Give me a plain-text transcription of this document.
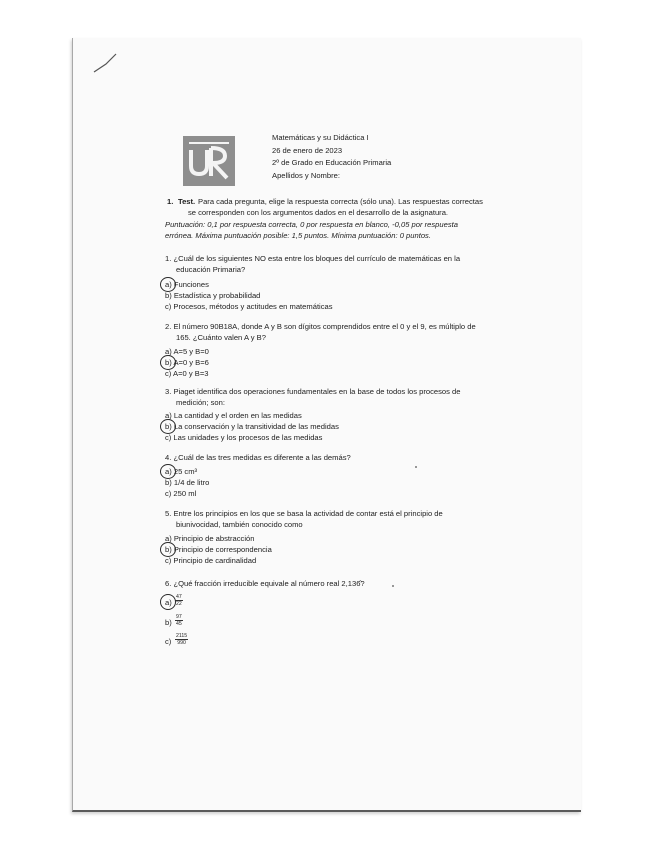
Matemáticas y su Didáctica I
26 de enero de 2023
2º de Grado en Educación Primaria
Apellidos y Nombre:
1. Test. Para cada pregunta, elige la respuesta correcta (sólo una). Las respuestas correctas
se corresponden con los argumentos dados en el desarrollo de la asignatura.
Puntuación: 0,1 por respuesta correcta, 0 por respuesta en blanco, -0,05 por respuesta
errónea. Máxima puntuación posible: 1,5 puntos. Mínima puntuación: 0 puntos.
1. ¿Cuál de los siguientes NO esta entre los bloques del currículo de matemáticas en la
educación Primaria?
a) Funciones
b) Estadística y probabilidad
c) Procesos, métodos y actitudes en matemáticas
2. El número 90B18A, donde A y B son dígitos comprendidos entre el 0 y el 9, es múltiplo de
165. ¿Cuánto valen A y B?
a) A=5 y B=0
b) A=0 y B=6
c) A=0 y B=3
3. Piaget identifica dos operaciones fundamentales en la base de todos los procesos de
medición; son:
a) La cantidad y el orden en las medidas
b) La conservación y la transitividad de las medidas
c) Las unidades y los procesos de las medidas
4. ¿Cuál de las tres medidas es diferente a las demás?
a) 25 cm³
b) 1/4 de litro
c) 250 ml
5. Entre los principios en los que se basa la actividad de contar está el principio de
biunivocidad, también conocido como
a) Principio de abstracción
b) Principio de correspondencia
c) Principio de cardinalidad
6. ¿Qué fracción irreducible equivale al número real 2,136̂?
a)
47
22
b)
97
45
c)
2115
990
